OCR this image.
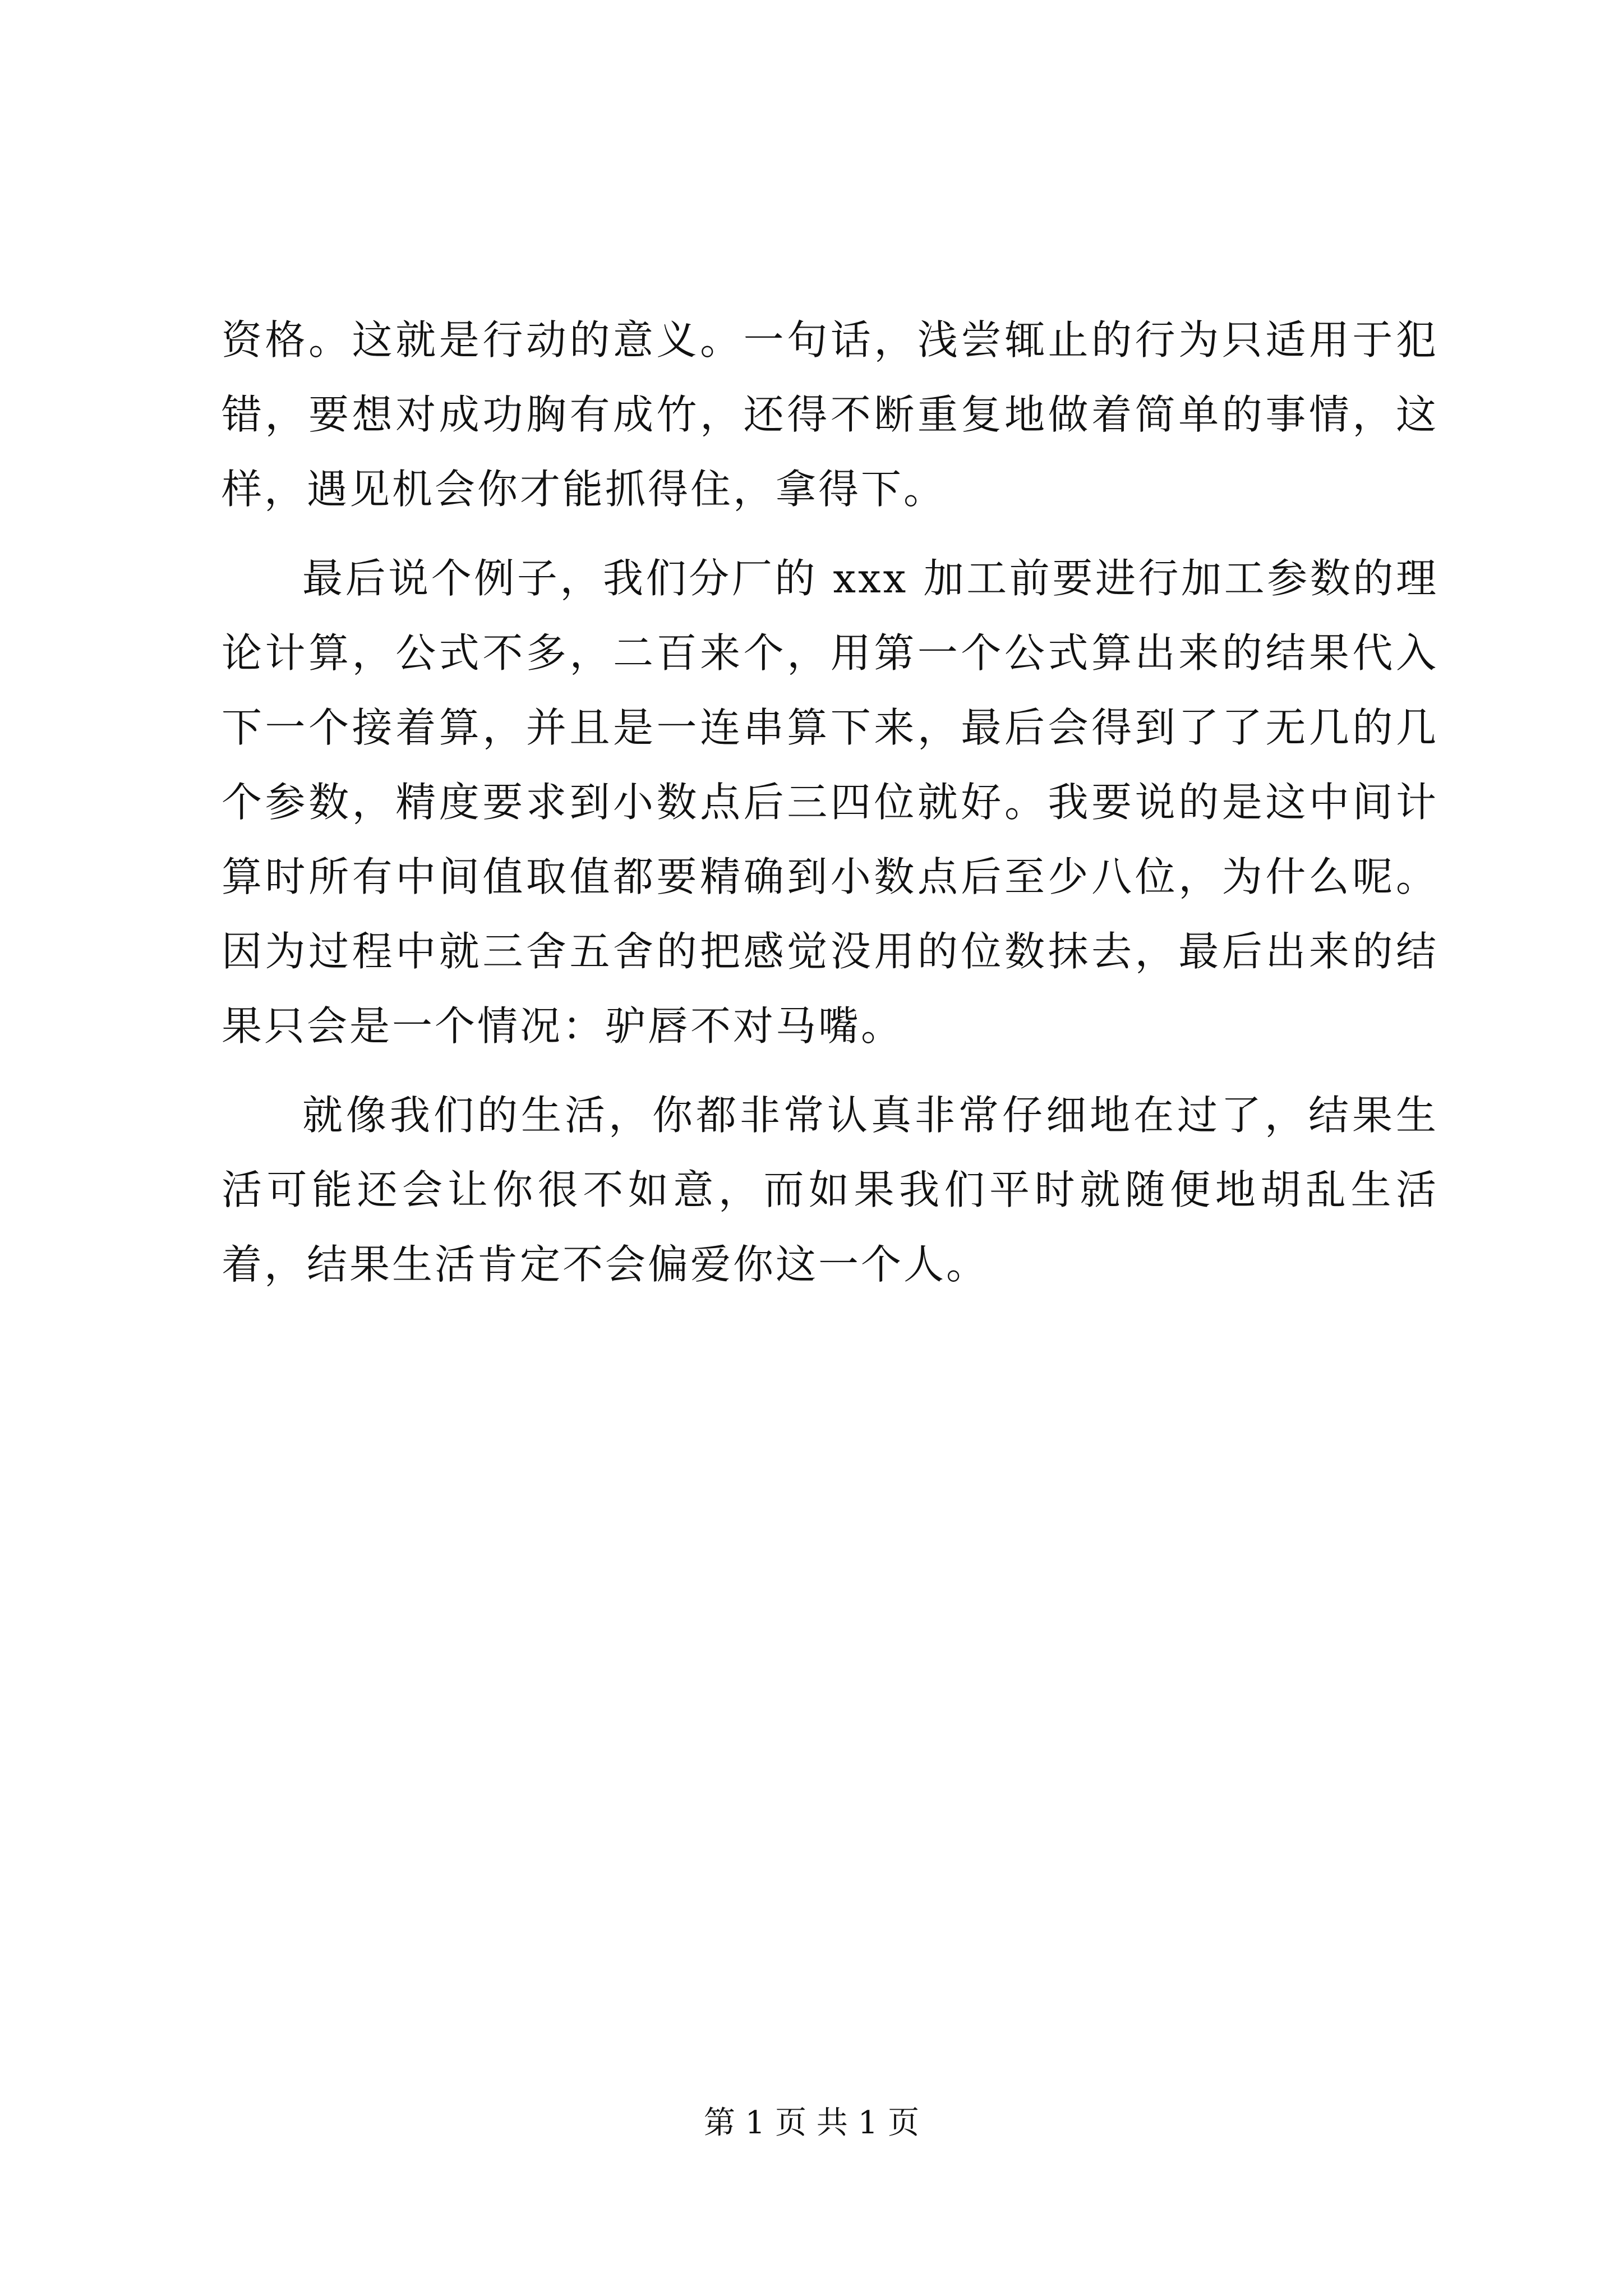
资格。这就是行动的意义。一句话，浅尝辄止的行为只适用于犯错，要想对成功胸有成竹，还得不断重复地做着简单的事情，这样，遇见机会你才能抓得住，拿得下。

最后说个例子，我们分厂的 xxx 加工前要进行加工参数的理论计算，公式不多，二百来个，用第一个公式算出来的结果代入下一个接着算，并且是一连串算下来，最后会得到了了无几的几个参数，精度要求到小数点后三四位就好。我要说的是这中间计算时所有中间值取值都要精确到小数点后至少八位，为什么呢。因为过程中就三舍五舍的把感觉没用的位数抹去，最后出来的结果只会是一个情况：驴唇不对马嘴。

就像我们的生活，你都非常认真非常仔细地在过了，结果生活可能还会让你很不如意，而如果我们平时就随便地胡乱生活着，结果生活肯定不会偏爱你这一个人。

第 1 页 共 1 页
